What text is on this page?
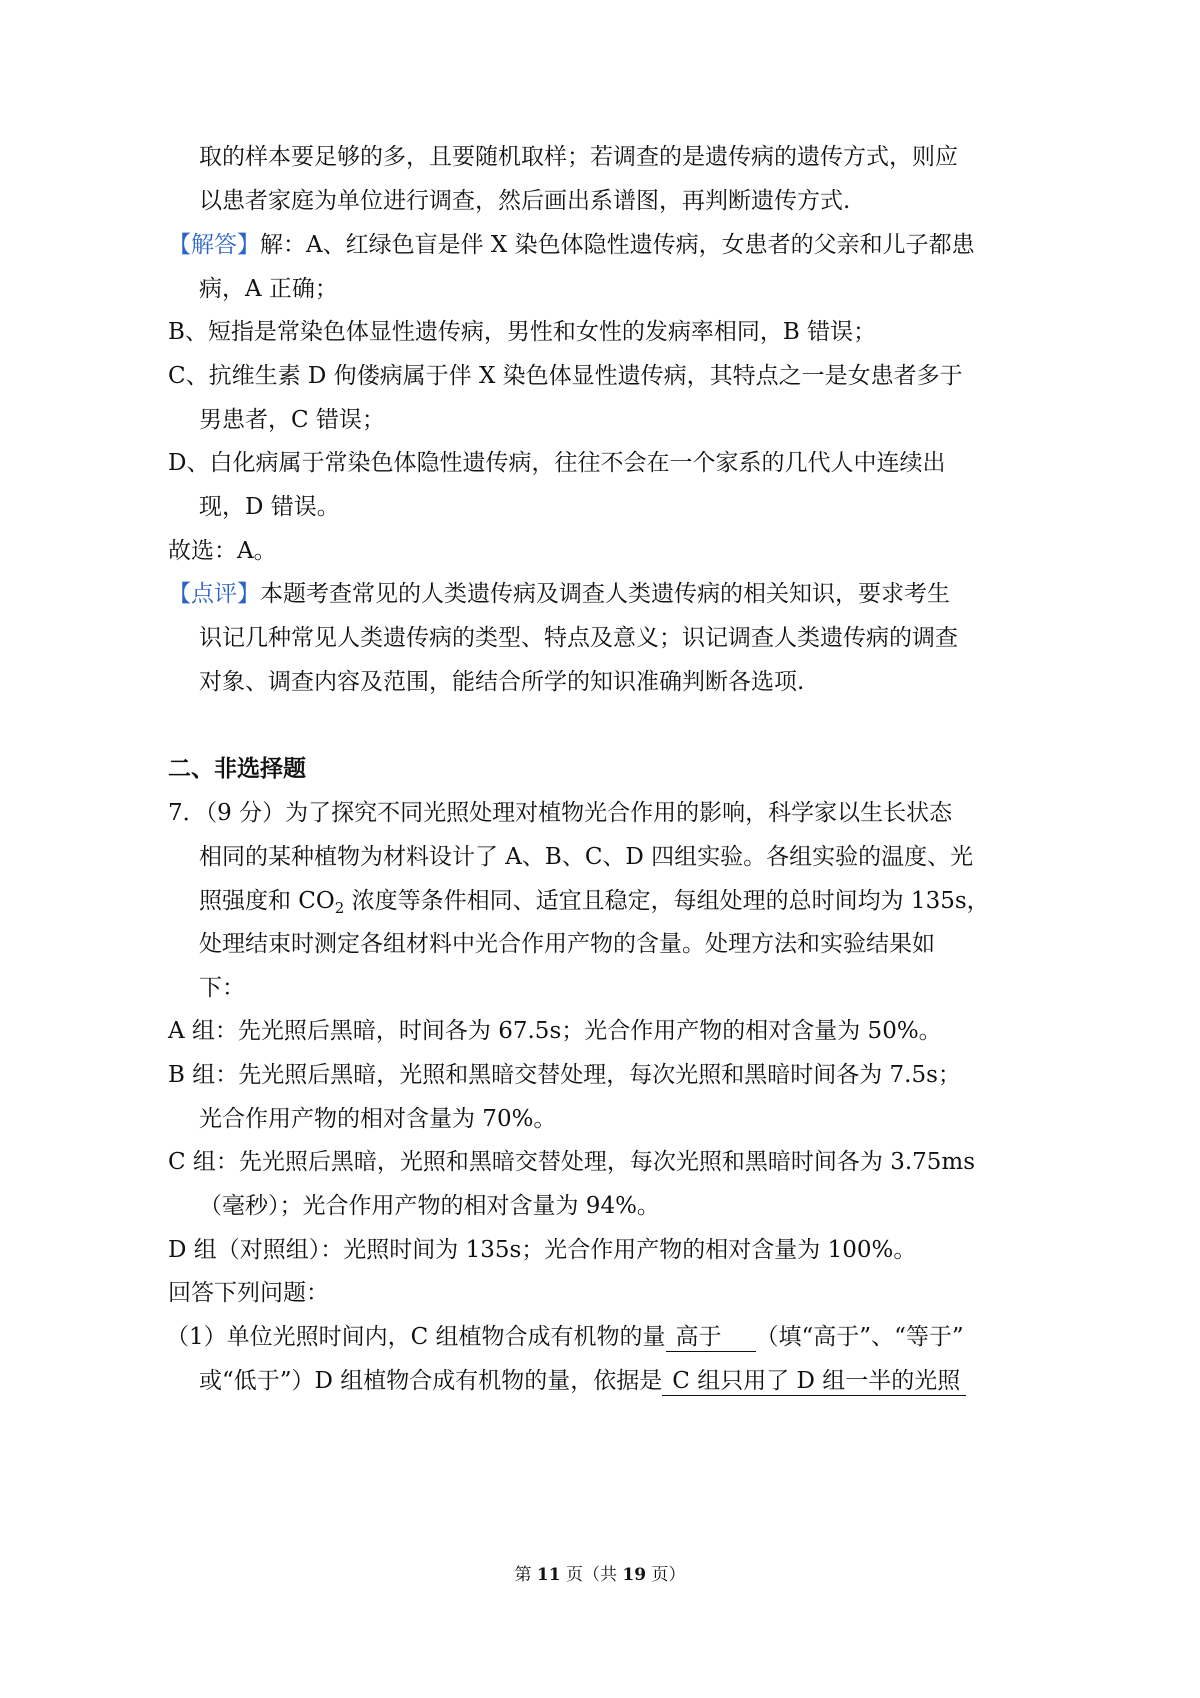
取的样本要足够的多，且要随机取样；若调查的是遗传病的遗传方式，则应
以患者家庭为单位进行调查，然后画出系谱图，再判断遗传方式.
【解答】解：A、红绿色盲是伴 X 染色体隐性遗传病，女患者的父亲和儿子都患
病，A 正确；
B、短指是常染色体显性遗传病，男性和女性的发病率相同，B 错误；
C、抗维生素 D 佝偻病属于伴 X 染色体显性遗传病，其特点之一是女患者多于
男患者，C 错误；
D、白化病属于常染色体隐性遗传病，往往不会在一个家系的几代人中连续出
现，D 错误。
故选：A。
【点评】本题考查常见的人类遗传病及调查人类遗传病的相关知识，要求考生
识记几种常见人类遗传病的类型、特点及意义；识记调查人类遗传病的调查
对象、调查内容及范围，能结合所学的知识准确判断各选项.
二、非选择题
7．（9 分）为了探究不同光照处理对植物光合作用的影响，科学家以生长状态
相同的某种植物为材料设计了 A、B、C、D 四组实验。各组实验的温度、光
照强度和 $CO_2$ 浓度等条件相同、适宜且稳定，每组处理的总时间均为 135s，
处理结束时测定各组材料中光合作用产物的含量。处理方法和实验结果如
下：
A 组：先光照后黑暗，时间各为 67.5s；光合作用产物的相对含量为 50%。
B 组：先光照后黑暗，光照和黑暗交替处理，每次光照和黑暗时间各为 7.5s；
光合作用产物的相对含量为 70%。
C 组：先光照后黑暗，光照和黑暗交替处理，每次光照和黑暗时间各为 3.75ms
（毫秒）；光合作用产物的相对含量为 94%。
D 组（对照组）：光照时间为 135s；光合作用产物的相对含量为 100%。
回答下列问题：
（1）单位光照时间内，C 组植物合成有机物的量 高于 （填“高于”、“等于”
或“低于”）D 组植物合成有机物的量，依据是 C 组只用了 D 组一半的光照
第 11 页（共 19 页）
